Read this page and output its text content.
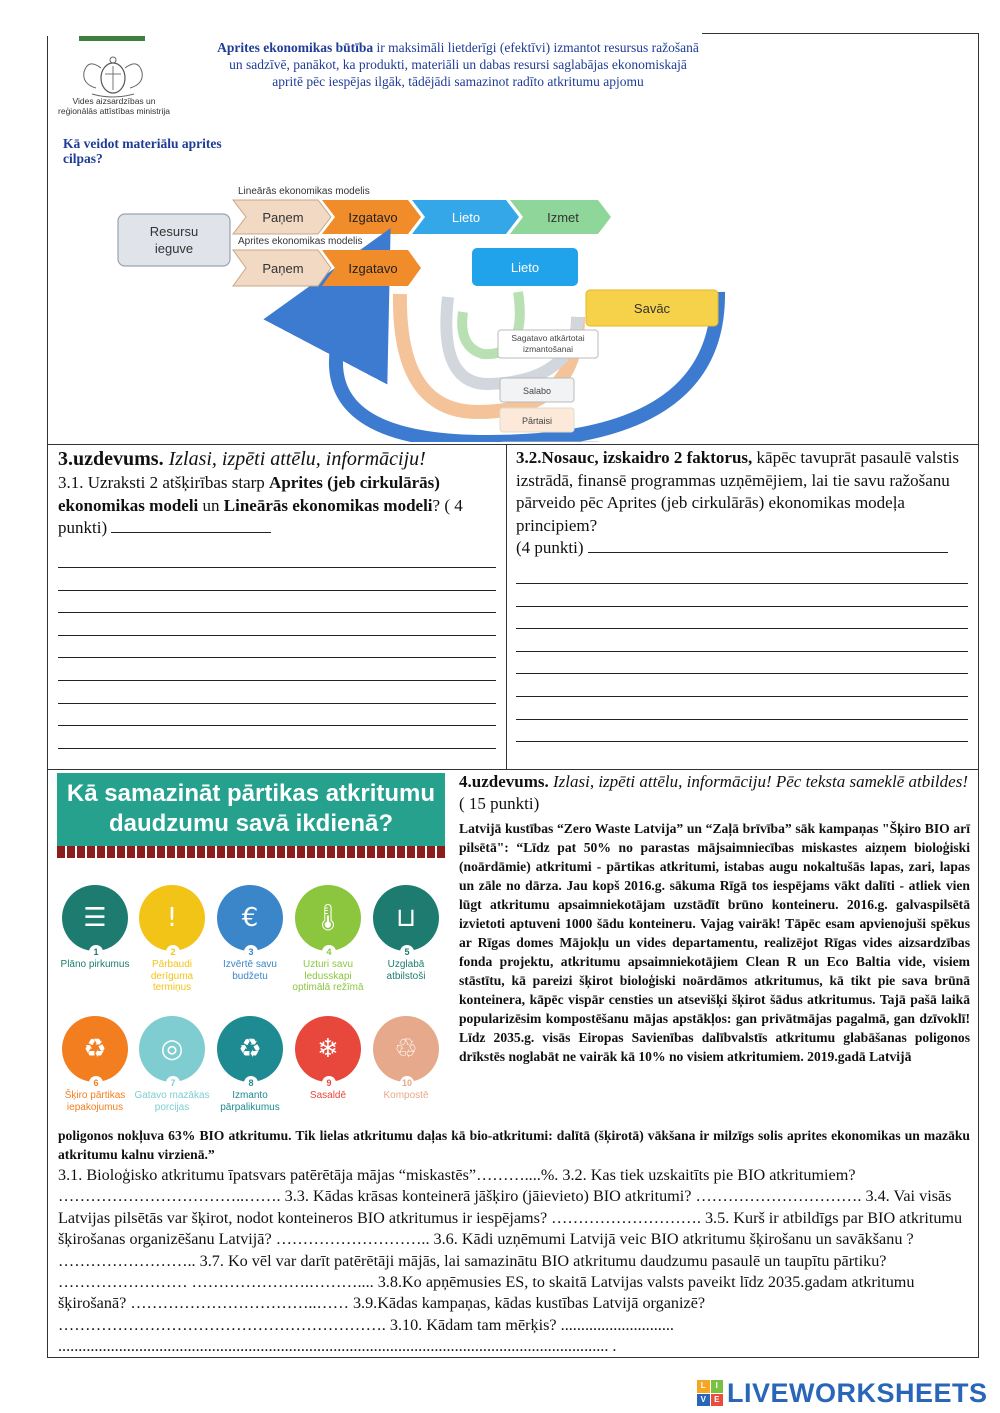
Vides aizsardzības un reģionālās attīstības ministrija
Aprites ekonomikas būtība ir maksimāli lietderīgi (efektīvi) izmantot resursus ražošanā un sadzīvē, panākot, ka produkti, materiāli un dabas resursi saglabājas ekonomiskajā apritē pēc iespējas ilgāk, tādējādi samazinot radīto atkritumu apjomu
Kā veidot materiālu aprites cilpas?
Resursu
ieguve
Lineārās ekonomikas modelis
Paņem	Izgatavo	Lieto	Izmet
Aprites ekonomikas modelis
Paņem	Izgatavo	Lieto
Savāc
Sagatavo atkārtotai
izmantošanai
Salabo
Pārtaisi
3.uzdevums. Izlasi, izpēti attēlu, informāciju!
3.1. Uzraksti 2 atšķirības starp Aprites (jeb cirkulārās) ekonomikas modeli un Lineārās ekonomikas modeli? ( 4 punkti)
3.2.Nosauc, izskaidro 2 faktorus, kāpēc tavuprāt pasaulē valstis izstrādā, finansē programmas uzņēmējiem, lai tie savu ražošanu pārveido pēc Aprites (jeb cirkulārās) ekonomikas modeļa principiem?
(4 punkti)
Kā samazināt pārtikas atkritumu daudzumu savā ikdienā?
☰
1
Plāno pirkumus
!
2
Pārbaudi derīguma termiņus
€
3
Izvērtē savu budžetu
🌡
4
Uzturi savu ledusskapi optimālā režīmā
⊔
5
Uzglabā atbilstoši
♻
6
Šķiro pārtikas iepakojumus
◎
7
Gatavo mazākas porcijas
♻
8
Izmanto pārpalikumus
❄
9
Sasaldē
♲
10
Kompostē
4.uzdevums. Izlasi, izpēti attēlu, informāciju! Pēc teksta sameklē atbildes! ( 15 punkti)
Latvijā kustības “Zero Waste Latvija” un “Zaļā brīvība” sāk kampaņas "Šķiro BIO arī pilsētā": “Līdz pat 50% no parastas mājsaimniecības miskastes aizņem bioloģiski (noārdāmie) atkritumi - pārtikas atkritumi, istabas augu nokaltušās lapas, zari, lapas un zāle no dārza. Jau kopš 2016.g. sākuma Rīgā tos iespējams vākt dalīti - atliek vien lūgt atkritumu apsaimniekotājam uzstādīt brūno konteineru. 2016.g. galvaspilsētā izvietoti aptuveni 1000 šādu konteineru. Vajag vairāk! Tāpēc esam apvienojuši spēkus ar Rīgas domes Mājokļu un vides departamentu, realizējot Rīgas vides aizsardzības fonda projektu, atkritumu apsaimniekotājiem Clean R un Eco Baltia vide, visiem stāstītu, kā pareizi šķirot bioloģiski noārdāmos atkritumus, kā tikt pie sava brūnā konteinera, kāpēc vispār censties un atsevišķi šķirot šādus atkritumus. Tajā pašā laikā popularizēsim kompostēšanu mājas apstākļos: gan privātmājas pagalmā, gan dzīvoklī! Līdz 2035.g. visās Eiropas Savienības dalībvalstīs atkritumu glabāšanas poligonos drīkstēs noglabāt ne vairāk kā 10% no visiem atkritumiem. 2019.gadā Latvijā
poligonos nokļuva 63% BIO atkritumu. Tik lielas atkritumu daļas kā bio-atkritumi: dalītā (šķirotā) vākšana ir milzīgs solis aprites ekonomikas un mazāku atkritumu kalnu virzienā.”
3.1. Bioloģisko atkritumu īpatsvars patērētāja mājas “miskastēs”………....%. 3.2. Kas tiek uzskaitīts pie BIO atkritumiem? ……………………………..……. 3.3. Kādas krāsas konteinerā jāšķiro (jāievieto) BIO atkritumi? …………………………. 3.4. Vai visās Latvijas pilsētās var šķirot, nodot konteineros BIO atkritumus ir iespējams? ………………………. 3.5. Kurš ir atbildīgs par BIO atkritumu šķirošanas organizēšanu Latvijā? ……………………….. 3.6. Kādi uzņēmumi Latvijā veic BIO atkritumu šķirošanu un savākšanu ? …………………….. 3.7. Ko vēl var darīt patērētāji mājās, lai samazinātu BIO atkritumu daudzumu pasaulē un taupītu pārtiku? …………………… ………………….……….... 3.8.Ko apņēmusies ES, to skaitā Latvijas valsts paveikt līdz 2035.gadam atkritumu šķirošanā? ……………………………..…… 3.9.Kādas kampaņas, kādas kustības Latvijā organizē? ……………………………………………………. 3.10. Kādam tam mērķis? ............................ ........................................................................................................................................ .
L	I
V	E LIVEWORKSHEETS
